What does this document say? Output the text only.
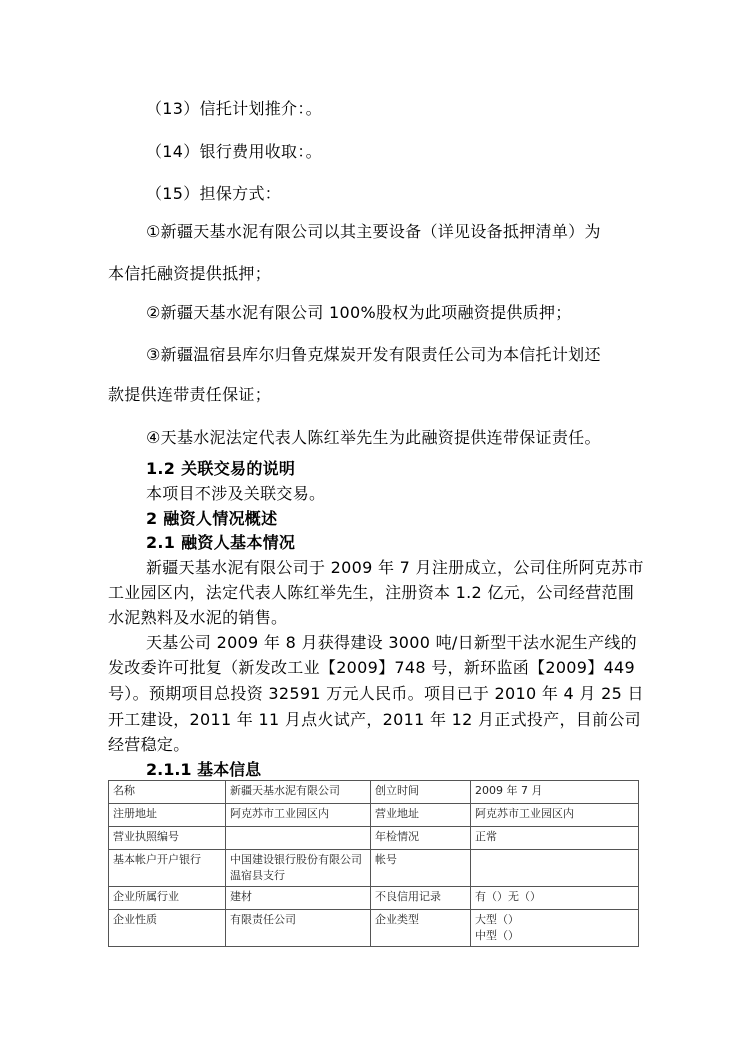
（13）信托计划推介：。
（14）银行费用收取：。
（15）担保方式：
①新疆天基水泥有限公司以其主要设备（详见设备抵押清单）为
本信托融资提供抵押；
②新疆天基水泥有限公司 100%股权为此项融资提供质押；
③新疆温宿县库尔归鲁克煤炭开发有限责任公司为本信托计划还
款提供连带责任保证；
④天基水泥法定代表人陈红举先生为此融资提供连带保证责任。
1.2 关联交易的说明
本项目不涉及关联交易。
2 融资人情况概述
2.1 融资人基本情况
新疆天基水泥有限公司于 2009 年 7 月注册成立，公司住所阿克苏市
工业园区内，法定代表人陈红举先生，注册资本 1.2 亿元，公司经营范围
水泥熟料及水泥的销售。
天基公司 2009 年 8 月获得建设 3000 吨/日新型干法水泥生产线的
发改委许可批复（新发改工业【2009】748 号，新环监函【2009】449
号）。预期项目总投资 32591 万元人民币。项目已于 2010 年 4 月 25 日
开工建设，2011 年 11 月点火试产，2011 年 12 月正式投产，目前公司
经营稳定。
2.1.1 基本信息
名称	新疆天基水泥有限公司	创立时间	2009 年 7 月
注册地址	阿克苏市工业园区内	营业地址	阿克苏市工业园区内
营业执照编号		年检情况	正常
基本帐户开户银行	中国建设银行股份有限公司温宿县支行	帐号	
企业所属行业	建材	不良信用记录	有（）无（）
企业性质	有限责任公司	企业类型	大型（）
中型（）
